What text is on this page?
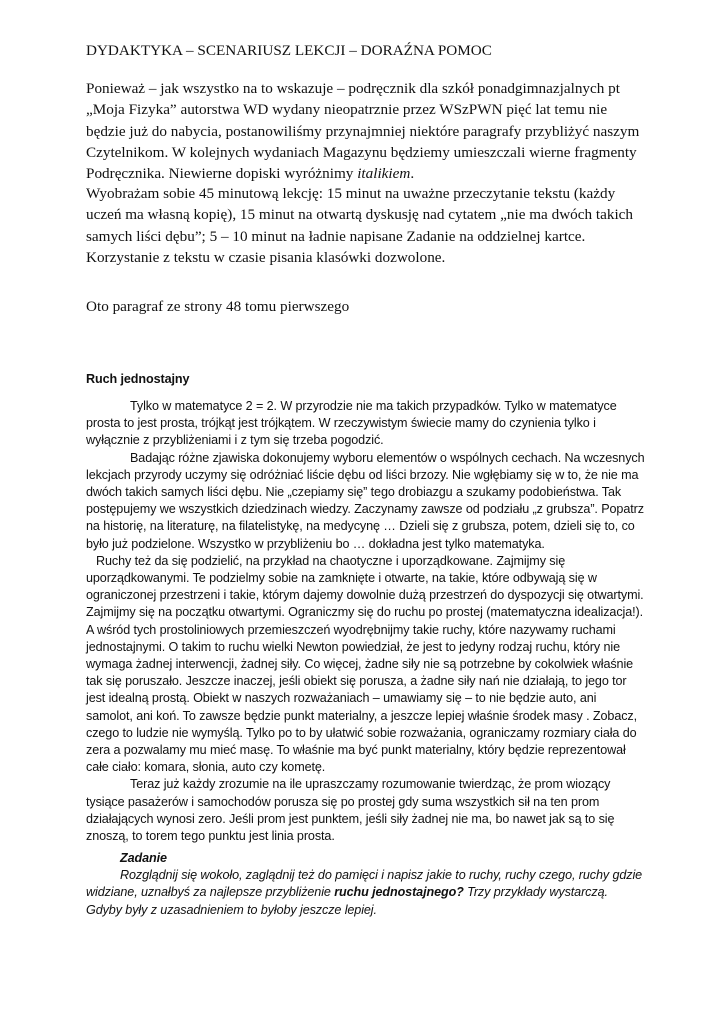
DYDAKTYKA – SCENARIUSZ LEKCJI – DORAŹNA POMOC

Ponieważ – jak wszystko na to wskazuje – podręcznik dla szkół ponadgimnazjalnych pt „Moja Fizyka” autorstwa WD wydany nieopatrznie przez WSzPWN pięć lat temu nie będzie już do nabycia, postanowiliśmy przynajmniej niektóre paragrafy przybliżyć naszym Czytelnikom. W kolejnych wydaniach Magazynu będziemy umieszczali wierne fragmenty Podręcznika. Niewierne dopiski wyróżnimy italikiem.

Wyobrażam sobie 45 minutową lekcję: 15 minut na uważne przeczytanie tekstu (każdy uczeń ma własną kopię), 15 minut na otwartą dyskusję nad cytatem „nie ma dwóch takich samych liści dębu”; 5 – 10 minut na ładnie napisane Zadanie na oddzielnej kartce. Korzystanie z tekstu w czasie pisania klasówki dozwolone.

Oto paragraf ze strony 48 tomu pierwszego

Ruch jednostajny

Tylko w matematyce 2 = 2. W przyrodzie nie ma takich przypadków. Tylko w matematyce prosta to jest prosta, trójkąt jest trójkątem. W rzeczywistym świecie mamy do czynienia tylko i wyłącznie z przybliżeniami i z tym się trzeba pogodzić.

Badając różne zjawiska dokonujemy wyboru elementów o wspólnych cechach. Na wczesnych lekcjach przyrody uczymy się odróżniać liście dębu od liści brzozy. Nie wgłębiamy się w to, że nie ma dwóch takich samych liści dębu. Nie „czepiamy się” tego drobiazgu a szukamy podobieństwa. Tak postępujemy we wszystkich dziedzinach wiedzy. Zaczynamy zawsze od podziału „z grubsza”. Popatrz na historię, na literaturę, na filatelistykę, na medycynę … Dzieli się z grubsza, potem, dzieli się to, co było już podzielone. Wszystko w przybliżeniu bo … dokładna jest tylko matematyka.

Ruchy też da się podzielić, na przykład na chaotyczne i uporządkowane. Zajmijmy się uporządkowanymi. Te podzielmy sobie na zamknięte i otwarte, na takie, które odbywają się w ograniczonej przestrzeni i takie, którym dajemy dowolnie dużą przestrzeń do dyspozycji się otwartymi. Zajmijmy się na początku otwartymi. Ograniczmy się do ruchu po prostej (matematyczna idealizacja!). A wśród tych prostoliniowych przemieszczeń wyodrębnijmy takie ruchy, które nazywamy ruchami jednostajnymi. O takim to ruchu wielki Newton powiedział, że jest to jedyny rodzaj ruchu, który nie wymaga żadnej interwencji, żadnej siły. Co więcej, żadne siły nie są potrzebne by cokolwiek właśnie tak się poruszało. Jeszcze inaczej, jeśli obiekt się porusza, a żadne siły nań nie działają, to jego tor jest idealną prostą. Obiekt w naszych rozważaniach – umawiamy się – to nie będzie auto, ani samolot, ani koń. To zawsze będzie punkt materialny, a jeszcze lepiej właśnie środek masy . Zobacz, czego to ludzie nie wymyślą. Tylko po to by ułatwić sobie rozważania, ograniczamy rozmiary ciała do zera a pozwalamy mu mieć masę. To właśnie ma być punkt materialny, który będzie reprezentował całe ciało: komara, słonia, auto czy kometę.

Teraz już każdy zrozumie na ile upraszczamy rozumowanie twierdząc, że prom wiozący tysiące pasażerów i samochodów porusza się po prostej gdy suma wszystkich sił na ten prom działających wynosi zero. Jeśli prom jest punktem, jeśli siły żadnej nie ma, bo nawet jak są to się znoszą, to torem tego punktu jest linia prosta.

Zadanie

Rozglądnij się wokoło, zaglądnij też do pamięci i napisz jakie to ruchy, ruchy czego, ruchy gdzie widziane, uznałbyś za najlepsze przybliżenie ruchu jednostajnego? Trzy przykłady wystarczą. Gdyby były z uzasadnieniem to byłoby jeszcze lepiej.
